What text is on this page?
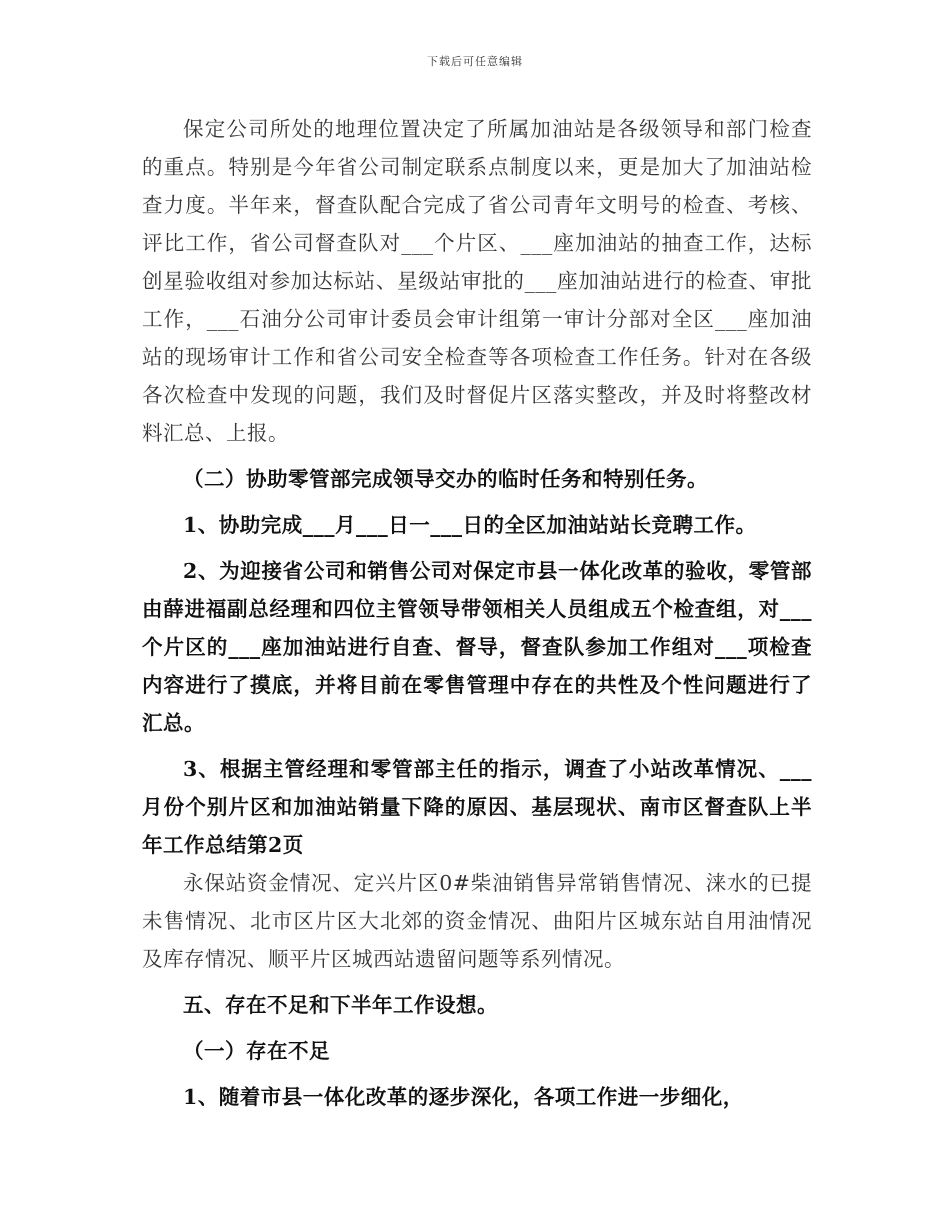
下载后可任意编辑

保定公司所处的地理位置决定了所属加油站是各级领导和部门检查的重点。特别是今年省公司制定联系点制度以来，更是加大了加油站检查力度。半年来，督查队配合完成了省公司青年文明号的检查、考核、评比工作，省公司督查队对___个片区、___座加油站的抽查工作，达标创星验收组对参加达标站、星级站审批的___座加油站进行的检查、审批工作，___石油分公司审计委员会审计组第一审计分部对全区___座加油站的现场审计工作和省公司安全检查等各项检查工作任务。针对在各级各次检查中发现的问题，我们及时督促片区落实整改，并及时将整改材料汇总、上报。

（二）协助零管部完成领导交办的临时任务和特别任务。

1、协助完成___月___日一___日的全区加油站站长竞聘工作。

2、为迎接省公司和销售公司对保定市县一体化改革的验收，零管部由薛进福副总经理和四位主管领导带领相关人员组成五个检查组，对___个片区的___座加油站进行自查、督导，督查队参加工作组对___项检查内容进行了摸底，并将目前在零售管理中存在的共性及个性问题进行了汇总。

3、根据主管经理和零管部主任的指示，调查了小站改革情况、___月份个别片区和加油站销量下降的原因、基层现状、南市区督查队上半年工作总结第2页

永保站资金情况、定兴片区0#柴油销售异常销售情况、涞水的已提未售情况、北市区片区大北郊的资金情况、曲阳片区城东站自用油情况及库存情况、顺平片区城西站遗留问题等系列情况。

五、存在不足和下半年工作设想。

（一）存在不足

1、随着市县一体化改革的逐步深化，各项工作进一步细化，
